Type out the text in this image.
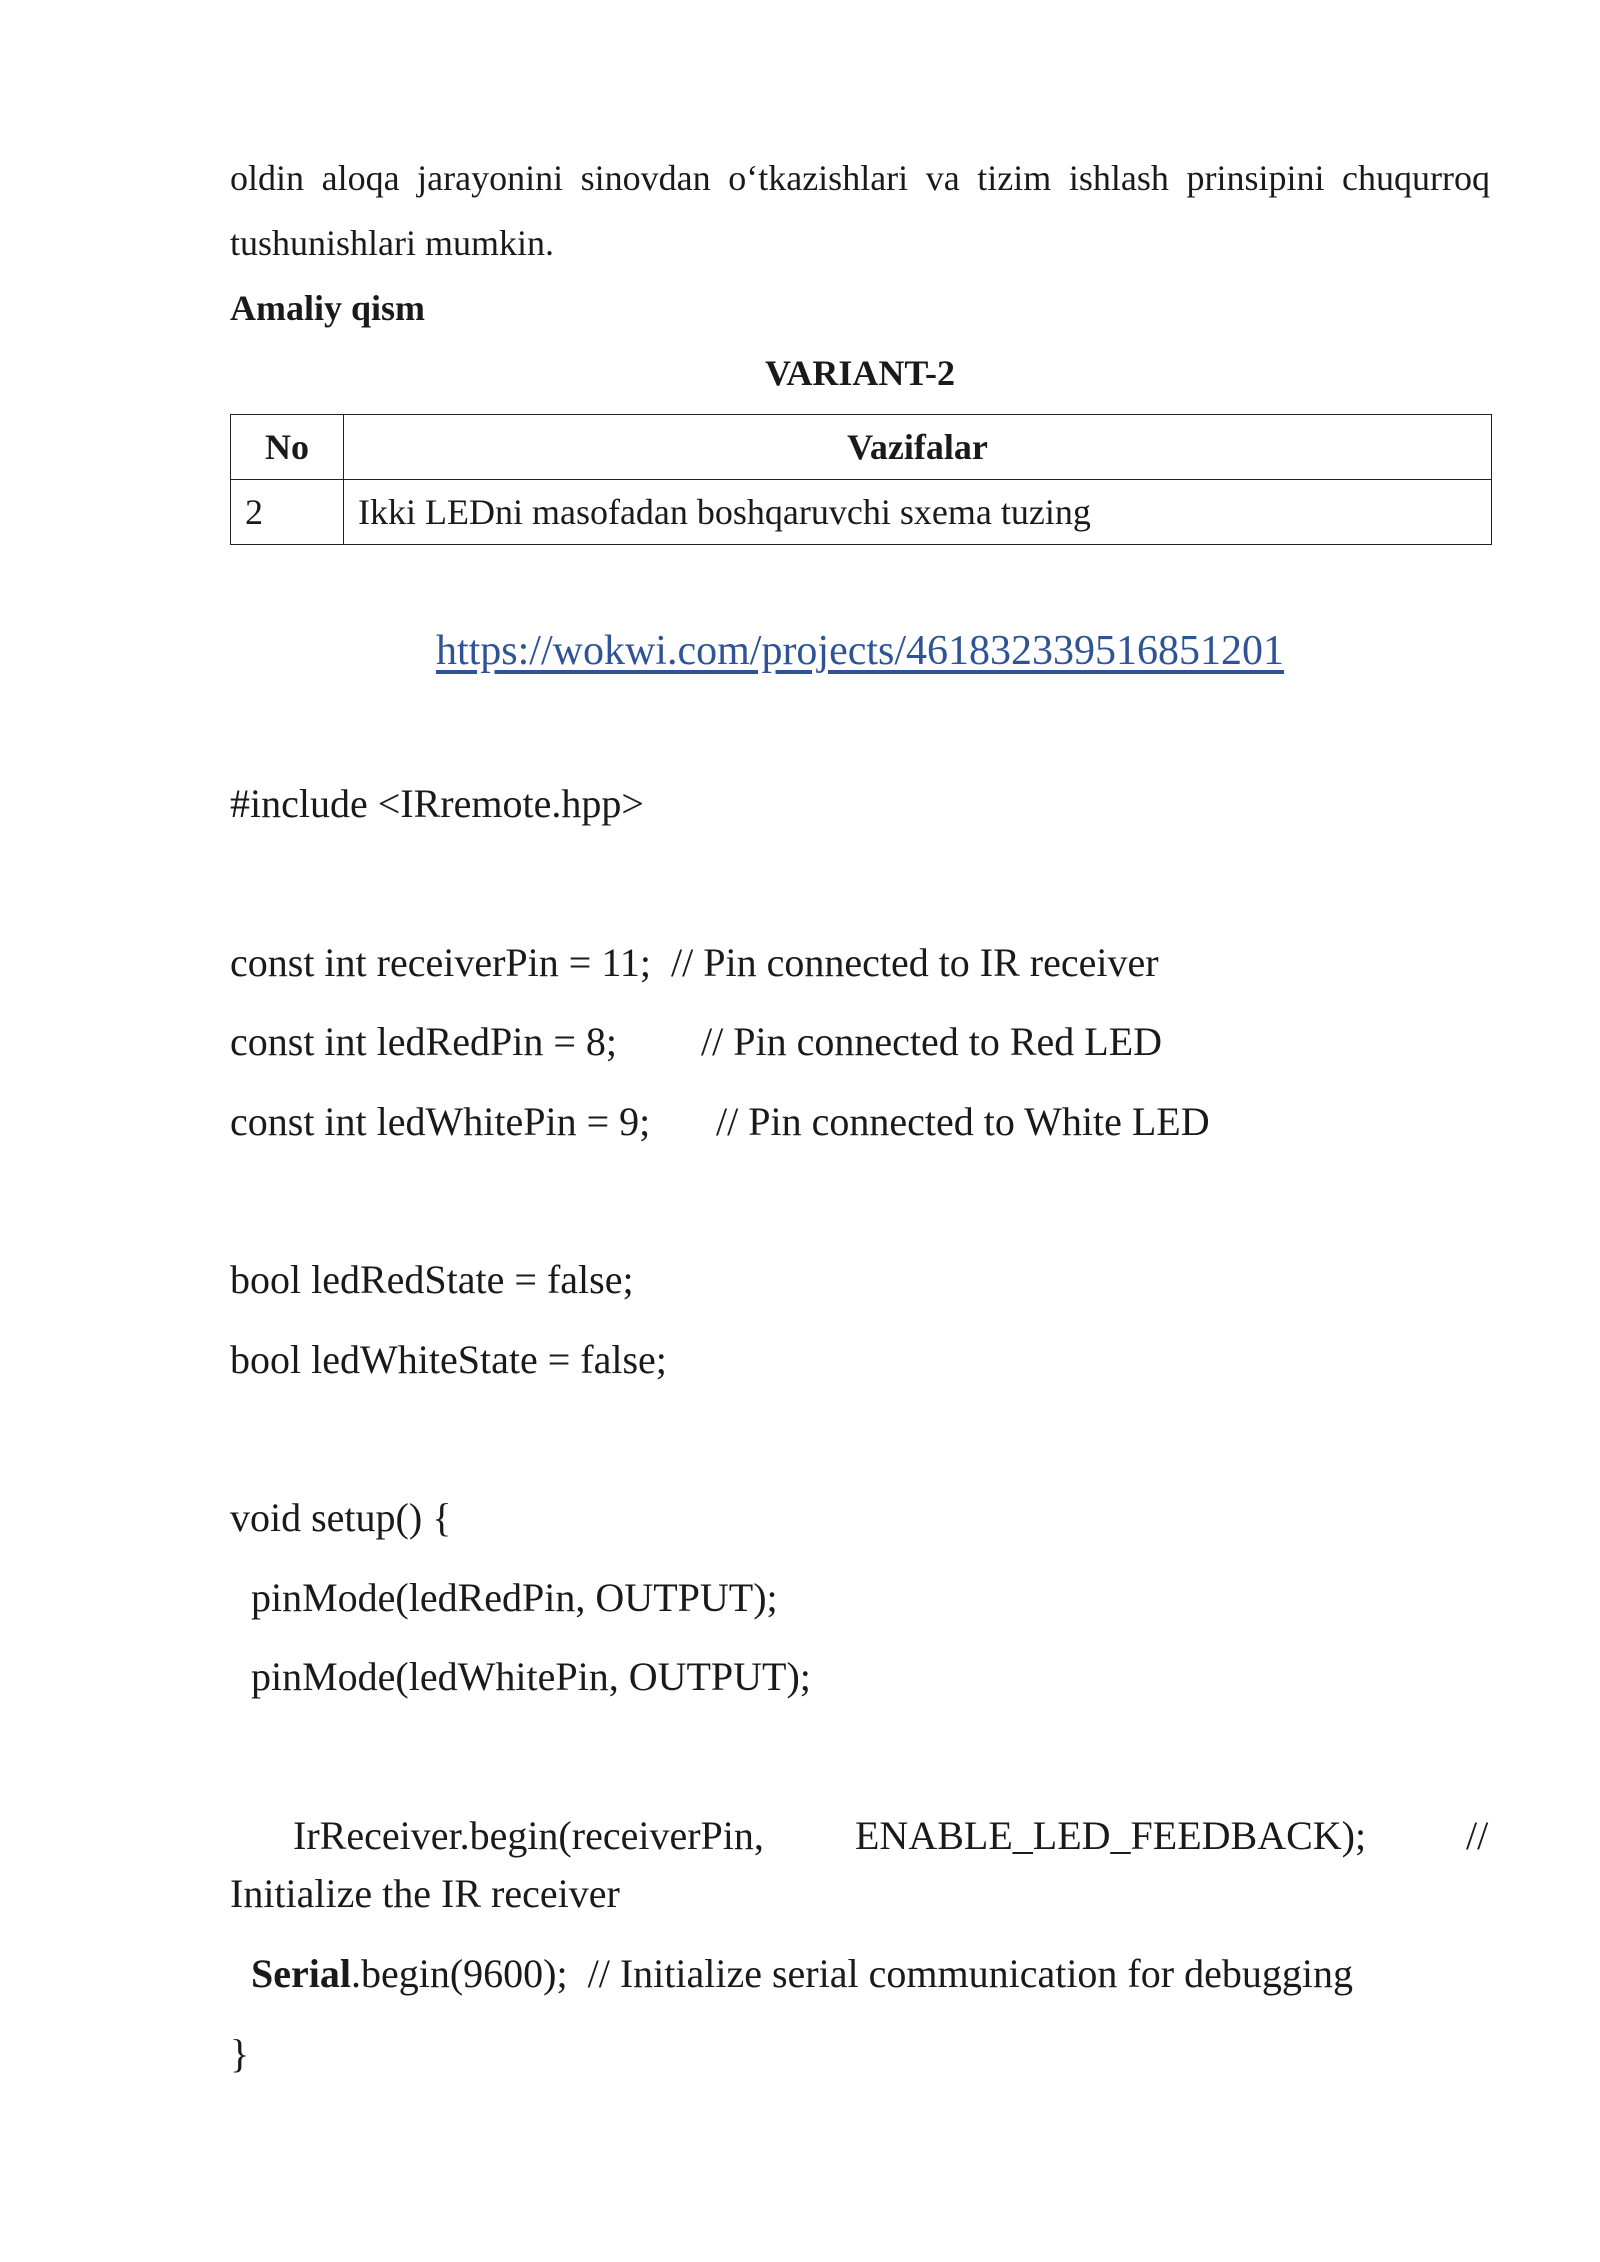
oldin aloqa jarayonini sinovdan o‘tkazishlari va tizim ishlash prinsipini chuqurroq
tushunishlari mumkin.
Amaliy qism
VARIANT-2
No	Vazifalar
2	Ikki LEDni masofadan boshqaruvchi sxema tuzing
https://wokwi.com/projects/461832339516851201
#include <IRremote.hpp>
const int receiverPin = 11;  // Pin connected to IR receiver
const int ledRedPin = 8; // Pin connected to Red LED
const int ledWhitePin = 9; // Pin connected to White LED
bool ledRedState = false;
bool ledWhiteState = false;
void setup() {
pinMode(ledRedPin, OUTPUT);
pinMode(ledWhitePin, OUTPUT);
IrReceiver.begin(receiverPin, ENABLE_LED_FEEDBACK); //
Initialize the IR receiver
Serial.begin(9600);  // Initialize serial communication for debugging
}
